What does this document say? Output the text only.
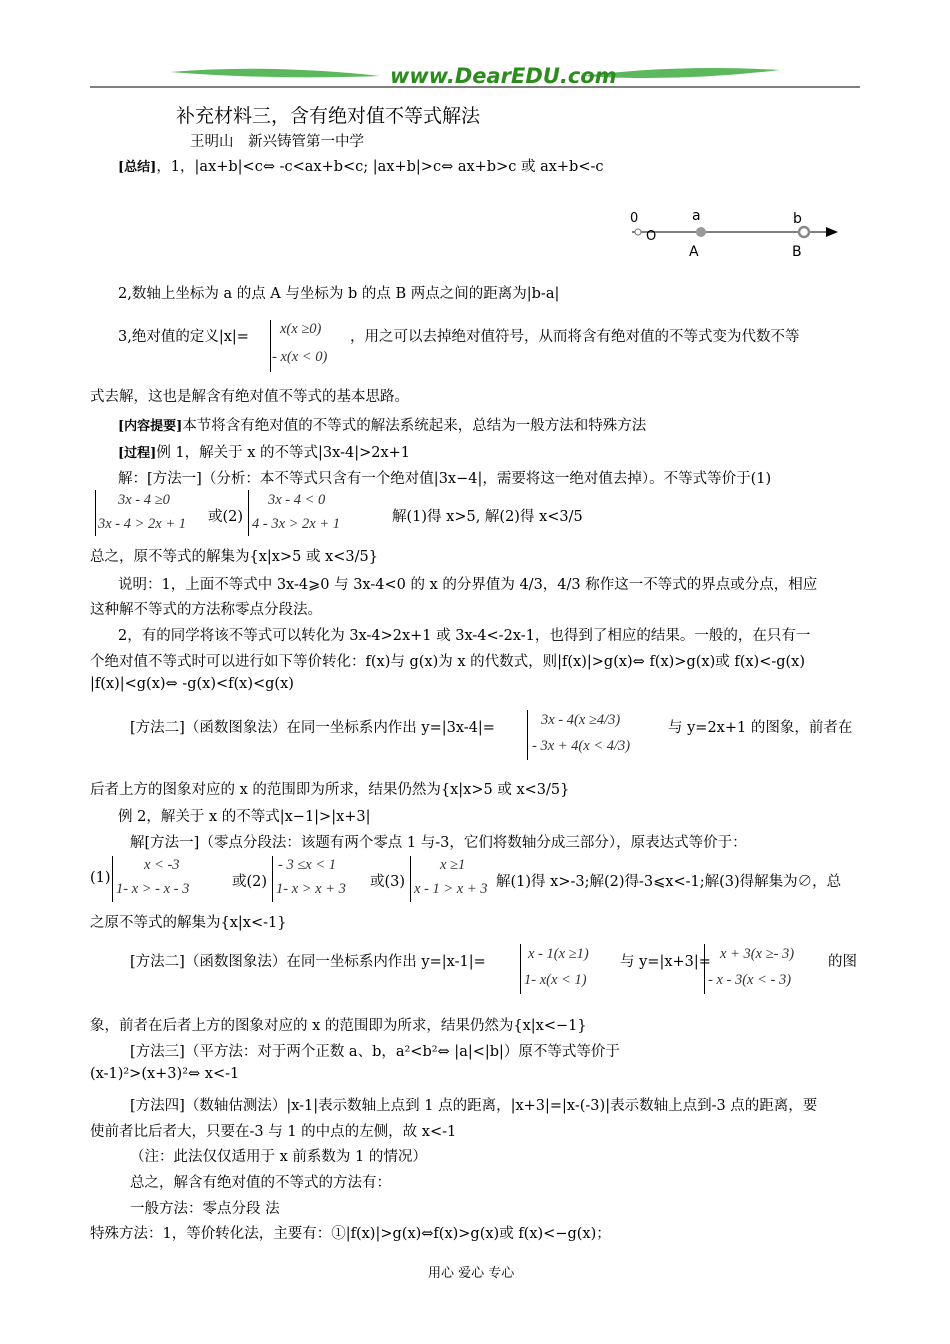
www.DearEDU.com
补充材料三，含有绝对值不等式解法
王明山　新兴铸管第一中学
[总结]，1，|ax+b|<c⇔ -c<ax+b<c; |ax+b|>c⇔ ax+b>c 或 ax+b<-c
0
O
a
A
b
B
2,数轴上坐标为 a 的点 A 与坐标为 b 的点 B 两点之间的距离为|b-a|
3,绝对值的定义|x|= x(x ≥0)
- x(x < 0)
，用之可以去掉绝对值符号，从而将含有绝对值的不等式变为代数不等
式去解，这也是解含有绝对值不等式的基本思路。
[内容提要]本节将含有绝对值的不等式的解法系统起来，总结为一般方法和特殊方法
[过程]例 1，解关于 x 的不等式|3x-4|>2x+1
解：[方法一]（分析：本不等式只含有一个绝对值|3x−4|，需要将这一绝对值去掉）。不等式等价于(1)
3x - 4 ≥0
3x - 4 > 2x + 1 或(2)
3x - 4 < 0
4 - 3x > 2x + 1	解(1)得 x>5, 解(2)得 x<3/5
总之，原不等式的解集为{x|x>5 或 x<3/5}
说明：1，上面不等式中 3x-4⩾0 与 3x-4<0 的 x 的分界值为 4/3，4/3 称作这一不等式的界点或分点，相应
这种解不等式的方法称零点分段法。
2，有的同学将该不等式可以转化为 3x-4>2x+1 或 3x-4<-2x-1，也得到了相应的结果。一般的，在只有一
个绝对值不等式时可以进行如下等价转化：f(x)与 g(x)为 x 的代数式，则|f(x)|>g(x)⇔ f(x)>g(x)或 f(x)<-g(x)
|f(x)|<g(x)⇔ -g(x)<f(x)<g(x)
[方法二]（函数图象法）在同一坐标系内作出 y=|3x-4|=	3x - 4(x ≥4/3)
- 3x + 4(x < 4/3)
与 y=2x+1 的图象，前者在
后者上方的图象对应的 x 的范围即为所求，结果仍然为{x|x>5 或 x<3/5}
例 2，解关于 x 的不等式|x−1|>|x+3|
解[方法一]（零点分段法：该题有两个零点 1 与-3，它们将数轴分成三部分），原表达式等价于：
(1)
x < -3
1- x > - x - 3	或(2)
- 3 ≤x < 1
1- x > x + 3 或(3)
x ≥1
x - 1 > x + 3 解(1)得 x>-3;解(2)得-3⩽x<-1;解(3)得解集为∅，总
之原不等式的解集为{x|x<-1}
[方法二]（函数图象法）在同一坐标系内作出 y=|x-1|=	x - 1(x ≥1)
1- x(x < 1)
与 y=|x+3|= x + 3(x ≥- 3)
- x - 3(x < - 3)
的图
象，前者在后者上方的图象对应的 x 的范围即为所求，结果仍然为{x|x<−1}
[方法三]（平方法：对于两个正数 a、b，a²<b²⇔ |a|<|b|）原不等式等价于
(x-1)²>(x+3)²⇔ x<-1
[方法四]（数轴估测法）|x-1|表示数轴上点到 1 点的距离，|x+3|=|x-(-3)|表示数轴上点到-3 点的距离，要
使前者比后者大，只要在-3 与 1 的中点的左侧，故 x<-1
（注：此法仅仅适用于 x 前系数为 1 的情况）
总之，解含有绝对值的不等式的方法有：
一般方法：零点分段 法
特殊方法：1，等价转化法，主要有：①|f(x)|>g(x)⇔f(x)>g(x)或 f(x)<−g(x)；
用心 爱心 专心
